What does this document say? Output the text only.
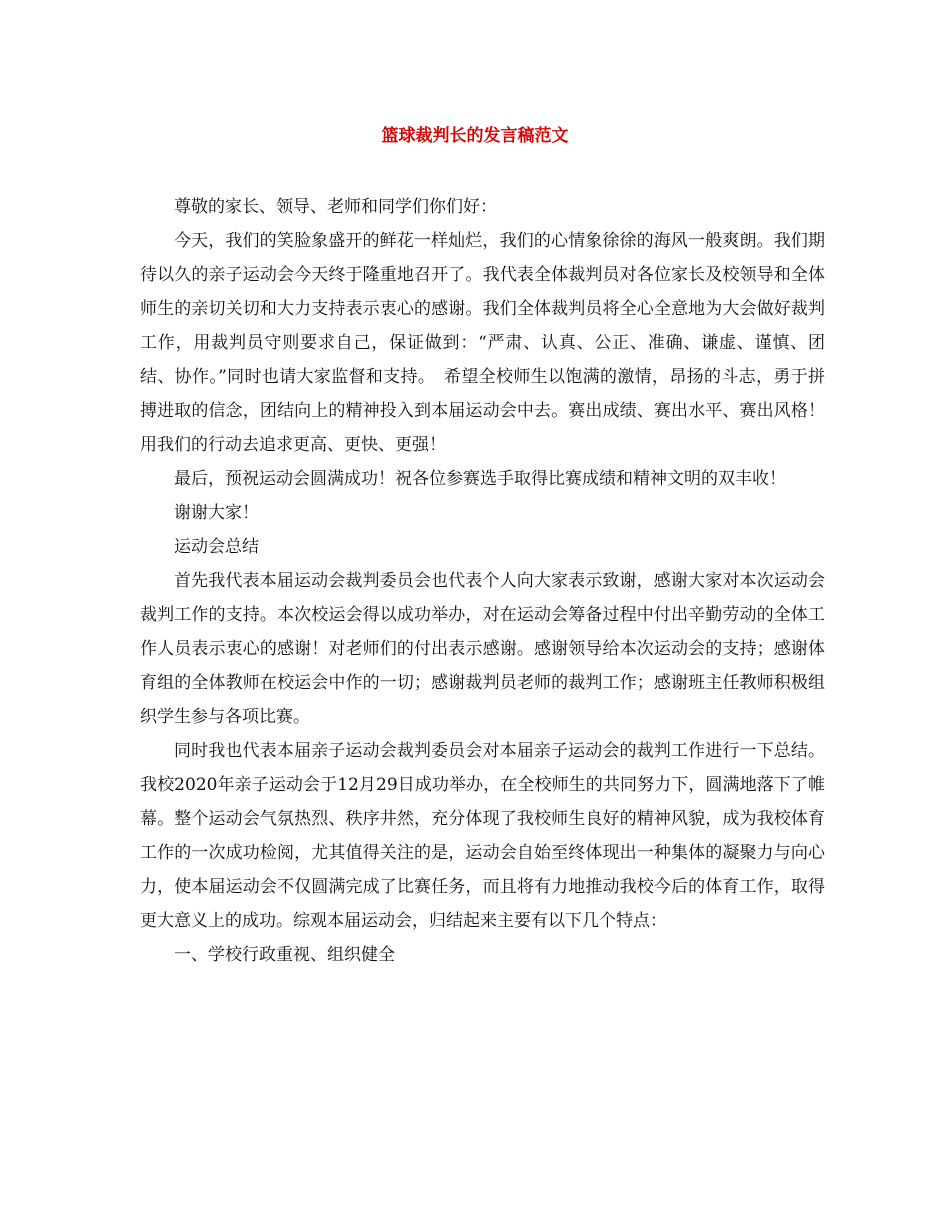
篮球裁判长的发言稿范文

尊敬的家长、领导、老师和同学们你们好：

今天，我们的笑脸象盛开的鲜花一样灿烂，我们的心情象徐徐的海风一般爽朗。我们期待以久的亲子运动会今天终于隆重地召开了。我代表全体裁判员对各位家长及校领导和全体师生的亲切关切和大力支持表示衷心的感谢。我们全体裁判员将全心全意地为大会做好裁判工作，用裁判员守则要求自己，保证做到：“严肃、认真、公正、准确、谦虚、谨慎、团结、协作。”同时也请大家监督和支持。　希望全校师生以饱满的激情，昂扬的斗志，勇于拼搏进取的信念，团结向上的精神投入到本届运动会中去。赛出成绩、赛出水平、赛出风格！用我们的行动去追求更高、更快、更强！

最后，预祝运动会圆满成功！祝各位参赛选手取得比赛成绩和精神文明的双丰收！

谢谢大家！

运动会总结

首先我代表本届运动会裁判委员会也代表个人向大家表示致谢，感谢大家对本次运动会裁判工作的支持。本次校运会得以成功举办，对在运动会筹备过程中付出辛勤劳动的全体工作人员表示衷心的感谢！对老师们的付出表示感谢。感谢领导给本次运动会的支持；感谢体育组的全体教师在校运会中作的一切；感谢裁判员老师的裁判工作；感谢班主任教师积极组织学生参与各项比赛。

同时我也代表本届亲子运动会裁判委员会对本届亲子运动会的裁判工作进行一下总结。我校2020年亲子运动会于12月29日成功举办，在全校师生的共同努力下，圆满地落下了帷幕。整个运动会气氛热烈、秩序井然，充分体现了我校师生良好的精神风貌，成为我校体育工作的一次成功检阅，尤其值得关注的是，运动会自始至终体现出一种集体的凝聚力与向心力，使本届运动会不仅圆满完成了比赛任务，而且将有力地推动我校今后的体育工作，取得更大意义上的成功。综观本届运动会，归结起来主要有以下几个特点：

一、学校行政重视、组织健全
